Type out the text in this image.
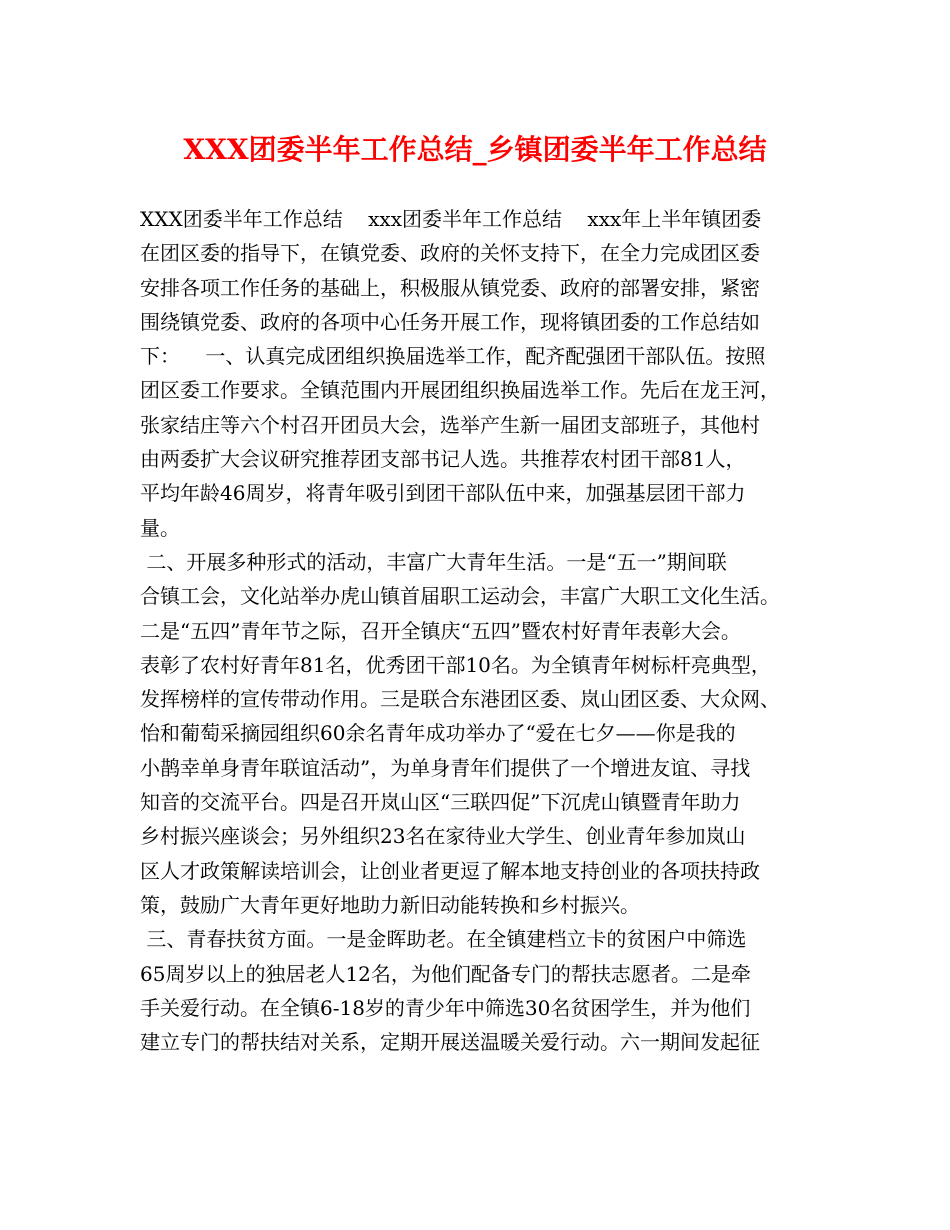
XXX团委半年工作总结_乡镇团委半年工作总结
XXX团委半年工作总结    xxx团委半年工作总结    xxx年上半年镇团委
在团区委的指导下，在镇党委、政府的关怀支持下，在全力完成团区委
安排各项工作任务的基础上，积极服从镇党委、政府的部署安排，紧密
围绕镇党委、政府的各项中心任务开展工作，现将镇团委的工作总结如
下：    一、认真完成团组织换届选举工作，配齐配强团干部队伍。按照
团区委工作要求。全镇范围内开展团组织换届选举工作。先后在龙王河，
张家结庄等六个村召开团员大会，选举产生新一届团支部班子，其他村
由两委扩大会议研究推荐团支部书记人选。共推荐农村团干部81人，
平均年龄46周岁，将青年吸引到团干部队伍中来，加强基层团干部力
量。
二、开展多种形式的活动，丰富广大青年生活。一是“五一”期间联
合镇工会，文化站举办虎山镇首届职工运动会，丰富广大职工文化生活。
二是“五四”青年节之际，召开全镇庆“五四”暨农村好青年表彰大会。
表彰了农村好青年81名，优秀团干部10名。为全镇青年树标杆亮典型，
发挥榜样的宣传带动作用。三是联合东港团区委、岚山团区委、大众网、
怡和葡萄采摘园组织60余名青年成功举办了“爱在七夕——你是我的
小鹊幸单身青年联谊活动”，为单身青年们提供了一个增进友谊、寻找
知音的交流平台。四是召开岚山区“三联四促”下沉虎山镇暨青年助力
乡村振兴座谈会；另外组织23名在家待业大学生、创业青年参加岚山
区人才政策解读培训会，让创业者更逗了解本地支持创业的各项扶持政
策，鼓励广大青年更好地助力新旧动能转换和乡村振兴。
三、青春扶贫方面。一是金晖助老。在全镇建档立卡的贫困户中筛选
65周岁以上的独居老人12名，为他们配备专门的帮扶志愿者。二是牵
手关爱行动。在全镇6-18岁的青少年中筛选30名贫困学生，并为他们
建立专门的帮扶结对关系，定期开展送温暖关爱行动。六一期间发起征
